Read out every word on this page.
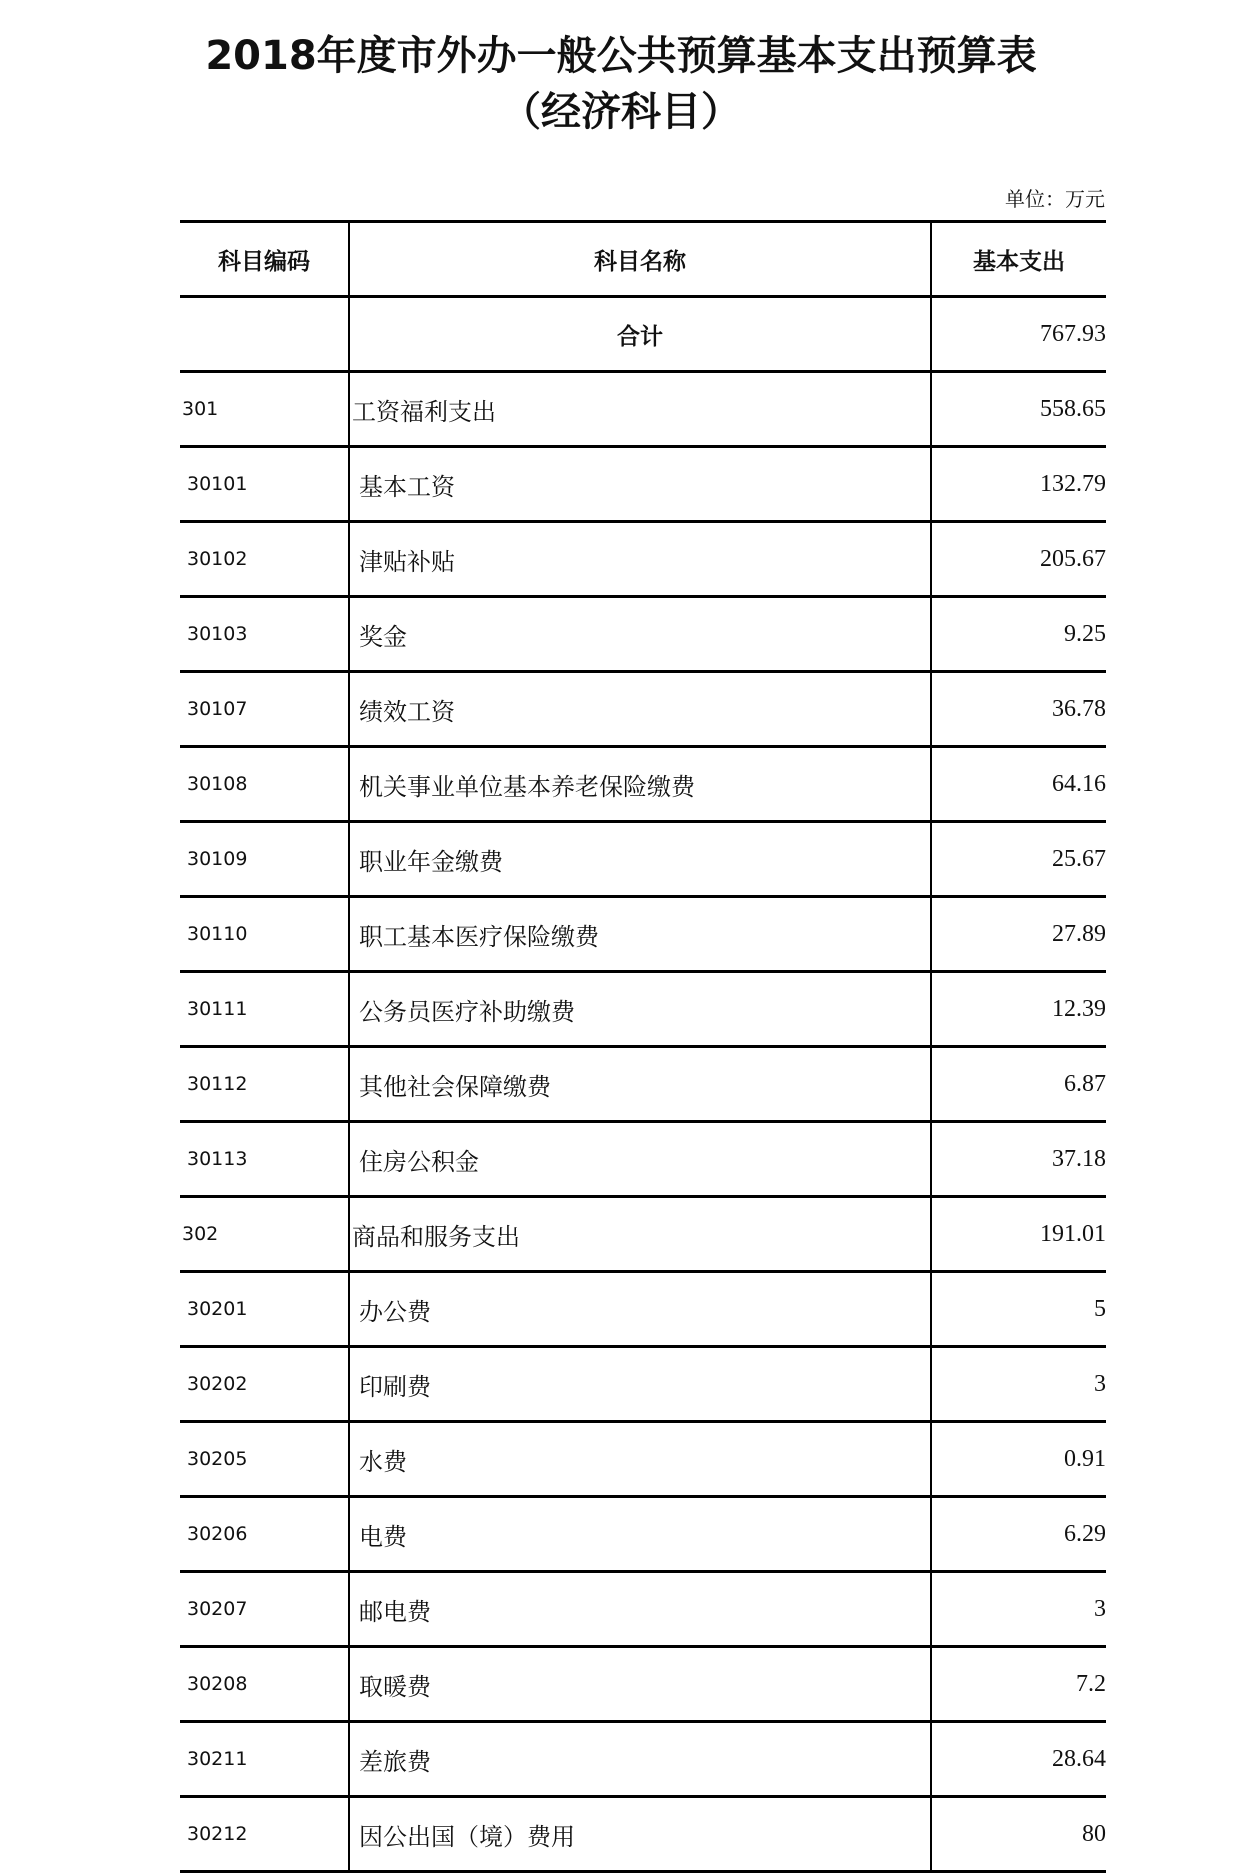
2018年度市外办一般公共预算基本支出预算表
（经济科目）
单位：万元
科目编码	科目名称	基本支出
	合计	767.93
301	工资福利支出	558.65
30101	基本工资	132.79
30102	津贴补贴	205.67
30103	奖金	9.25
30107	绩效工资	36.78
30108	机关事业单位基本养老保险缴费	64.16
30109	职业年金缴费	25.67
30110	职工基本医疗保险缴费	27.89
30111	公务员医疗补助缴费	12.39
30112	其他社会保障缴费	6.87
30113	住房公积金	37.18
302	商品和服务支出	191.01
30201	办公费	5
30202	印刷费	3
30205	水费	0.91
30206	电费	6.29
30207	邮电费	3
30208	取暖费	7.2
30211	差旅费	28.64
30212	因公出国（境）费用	80
